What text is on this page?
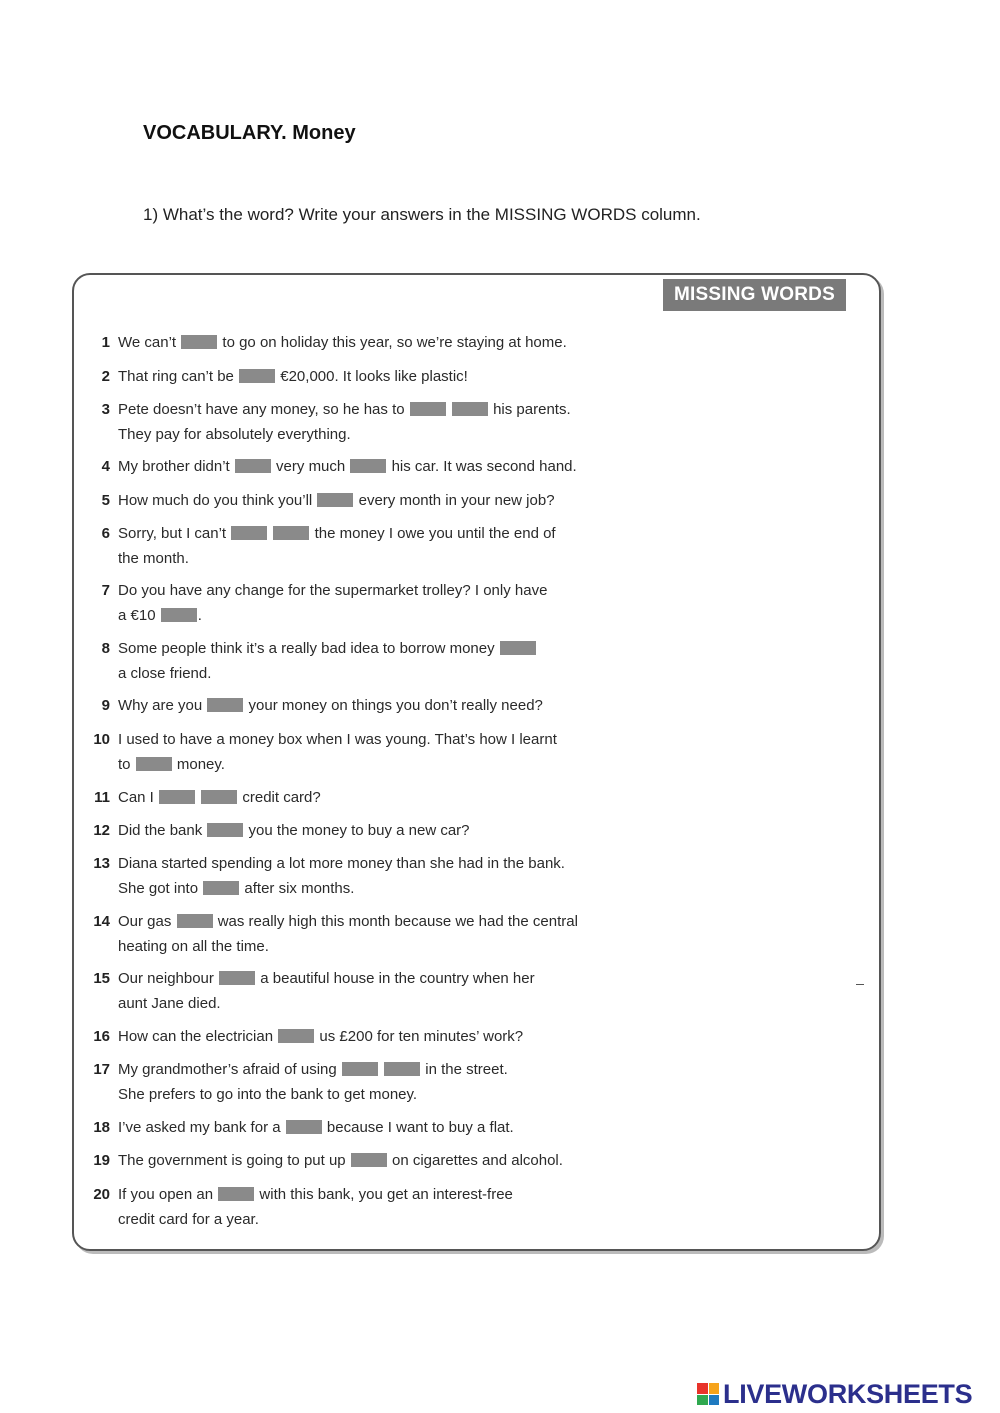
VOCABULARY. Money
1) What’s the word? Write your answers in the MISSING WORDS column.
MISSING WORDS
1 We can’t	to go on holiday this year, so we’re staying at home.
2 That ring can’t be	€20,000. It looks like plastic!
3 Pete doesn’t have any money, so he has to	his parents.
They pay for absolutely everything.
4 My brother didn’t	very much	his car. It was second hand.
5 How much do you think you’ll	every month in your new job?
6 Sorry, but I can’t	the money I owe you until the end of
the month.
7 Do you have any change for the supermarket trolley? I only have
a €10	.
8 Some people think it’s a really bad idea to borrow money
a close friend.
9 Why are you	your money on things you don’t really need?
10 I used to have a money box when I was young. That’s how I learnt
to	money.
11 Can I	credit card?
12 Did the bank	you the money to buy a new car?
13 Diana started spending a lot more money than she had in the bank.
She got into	after six months.
14 Our gas	was really high this month because we had the central
heating on all the time.
15 Our neighbour	a beautiful house in the country when her
aunt Jane died.
16 How can the electrician	us £200 for ten minutes’ work?
17 My grandmother’s afraid of using	in the street.
She prefers to go into the bank to get money.
18 I’ve asked my bank for a	because I want to buy a flat.
19 The government is going to put up	on cigarettes and alcohol.
20 If you open an	with this bank, you get an interest-free
credit card for a year.
LIVEWORKSHEETS
